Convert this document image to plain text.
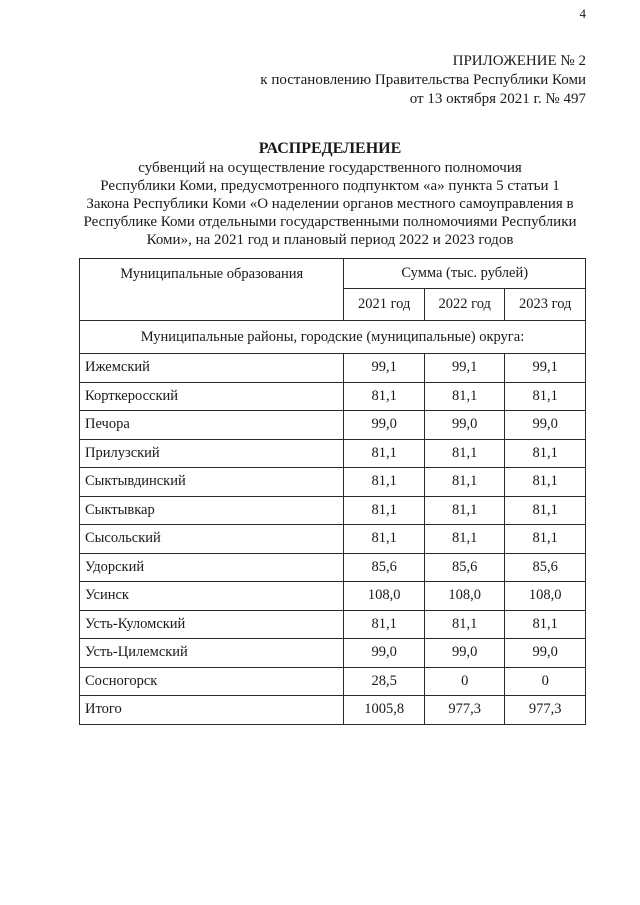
4
ПРИЛОЖЕНИЕ № 2
к постановлению Правительства Республики Коми
от 13 октября 2021 г. № 497
РАСПРЕДЕЛЕНИЕ
субвенций на осуществление государственного полномочия
Республики Коми, предусмотренного подпунктом «а» пункта 5 статьи 1
Закона Республики Коми «О наделении органов местного самоуправления в
Республике Коми отдельными государственными полномочиями Республики
Коми», на 2021 год и плановый период 2022 и 2023 годов
Муниципальные образования	Сумма (тыс. рублей)		
	2021 год	2022 год	2023 год
Муниципальные районы, городские (муниципальные) округа:			
Ижемский	99,1	99,1	99,1
Корткеросский	81,1	81,1	81,1
Печора	99,0	99,0	99,0
Прилузский	81,1	81,1	81,1
Сыктывдинский	81,1	81,1	81,1
Сыктывкар	81,1	81,1	81,1
Сысольский	81,1	81,1	81,1
Удорский	85,6	85,6	85,6
Усинск	108,0	108,0	108,0
Усть-Куломский	81,1	81,1	81,1
Усть-Цилемский	99,0	99,0	99,0
Сосногорск	28,5	0	0
Итого	1005,8	977,3	977,3
